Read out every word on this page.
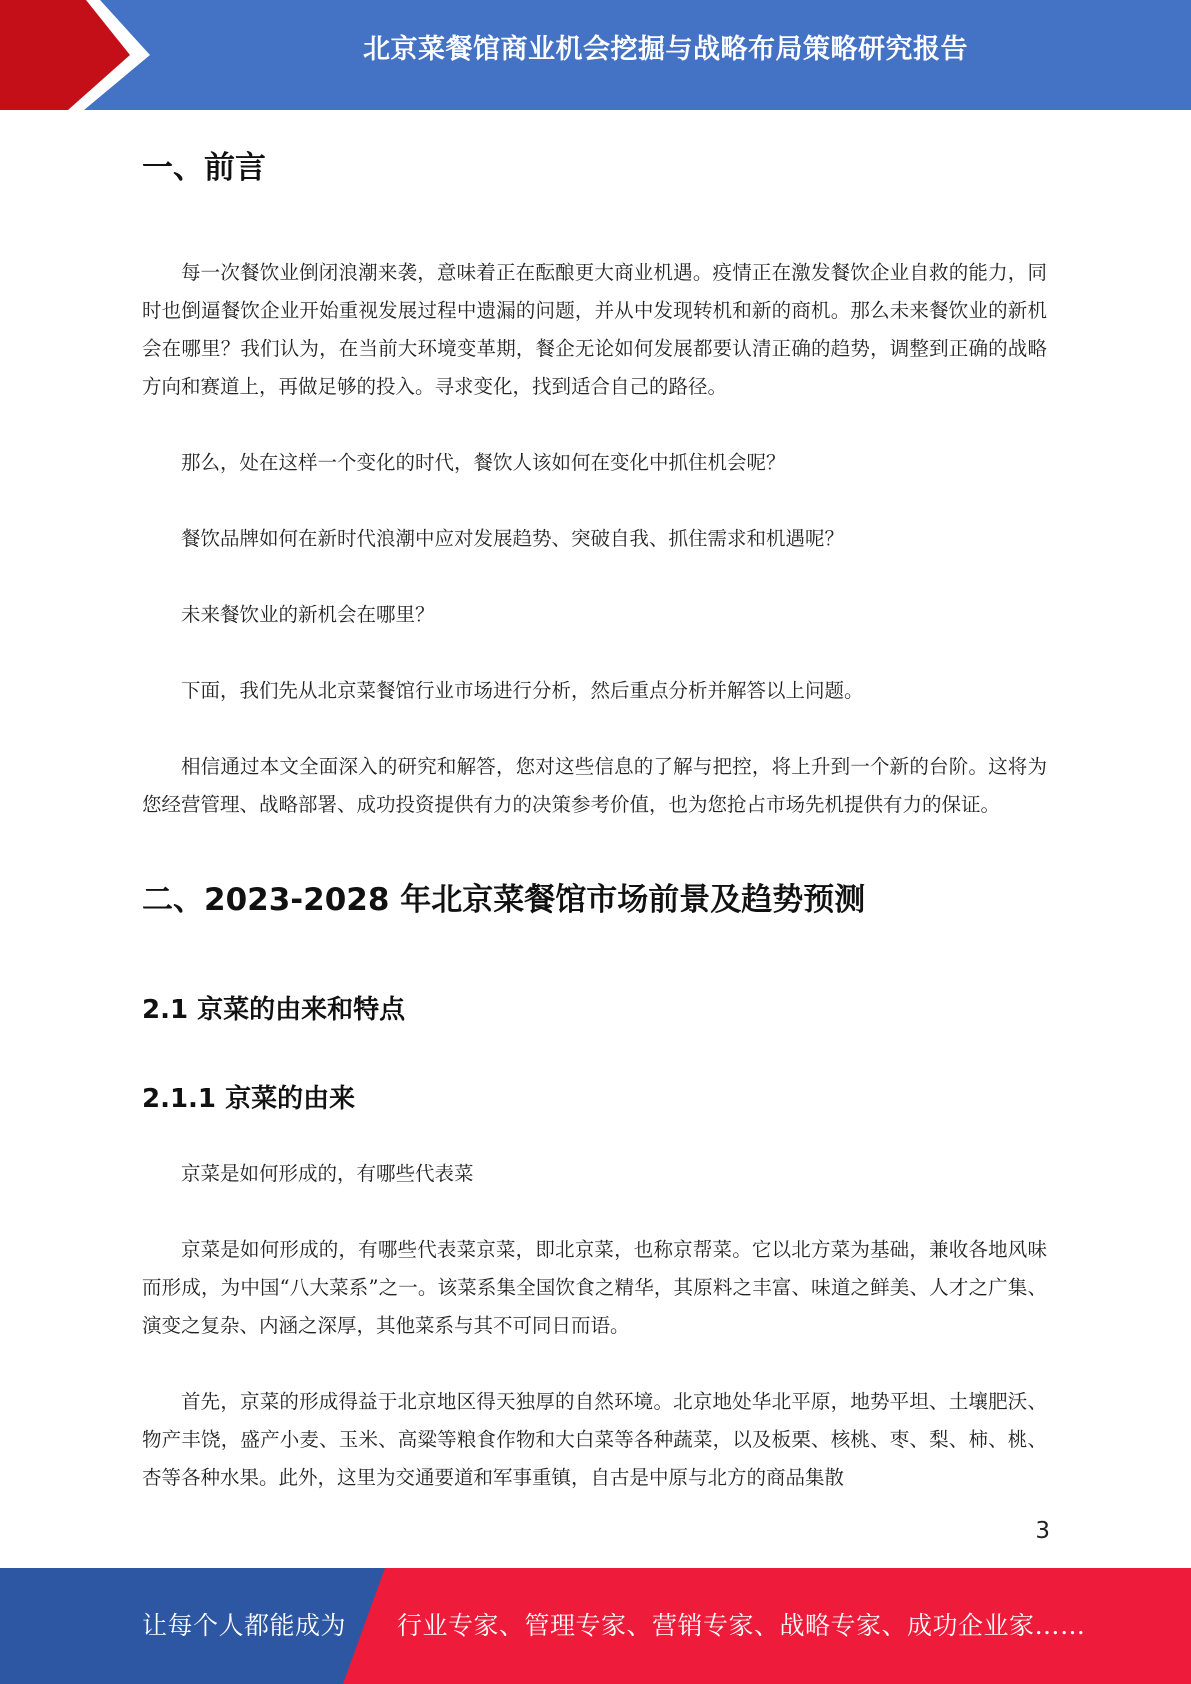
北京菜餐馆商业机会挖掘与战略布局策略研究报告
一、前言

每一次餐饮业倒闭浪潮来袭，意味着正在酝酿更大商业机遇。疫情正在激发餐饮企业自救的能力，同时也倒逼餐饮企业开始重视发展过程中遗漏的问题，并从中发现转机和新的商机。那么未来餐饮业的新机会在哪里？我们认为，在当前大环境变革期，餐企无论如何发展都要认清正确的趋势，调整到正确的战略方向和赛道上，再做足够的投入。寻求变化，找到适合自己的路径。

那么，处在这样一个变化的时代，餐饮人该如何在变化中抓住机会呢？

餐饮品牌如何在新时代浪潮中应对发展趋势、突破自我、抓住需求和机遇呢？

未来餐饮业的新机会在哪里？

下面，我们先从北京菜餐馆行业市场进行分析，然后重点分析并解答以上问题。

相信通过本文全面深入的研究和解答，您对这些信息的了解与把控，将上升到一个新的台阶。这将为您经营管理、战略部署、成功投资提供有力的决策参考价值，也为您抢占市场先机提供有力的保证。

二、2023-2028 年北京菜餐馆市场前景及趋势预测
2.1 京菜的由来和特点
2.1.1 京菜的由来

京菜是如何形成的，有哪些代表菜

京菜是如何形成的，有哪些代表菜京菜，即北京菜，也称京帮菜。它以北方菜为基础，兼收各地风味而形成，为中国“八大菜系”之一。该菜系集全国饮食之精华，其原料之丰富、味道之鲜美、人才之广集、演变之复杂、内涵之深厚，其他菜系与其不可同日而语。

首先，京菜的形成得益于北京地区得天独厚的自然环境。北京地处华北平原，地势平坦、土壤肥沃、物产丰饶，盛产小麦、玉米、高粱等粮食作物和大白菜等各种蔬菜，以及板栗、核桃、枣、梨、柿、桃、杏等各种水果。此外，这里为交通要道和军事重镇，自古是中原与北方的商品集散

3
让每个人都能成为 行业专家、管理专家、营销专家、战略专家、成功企业家……
